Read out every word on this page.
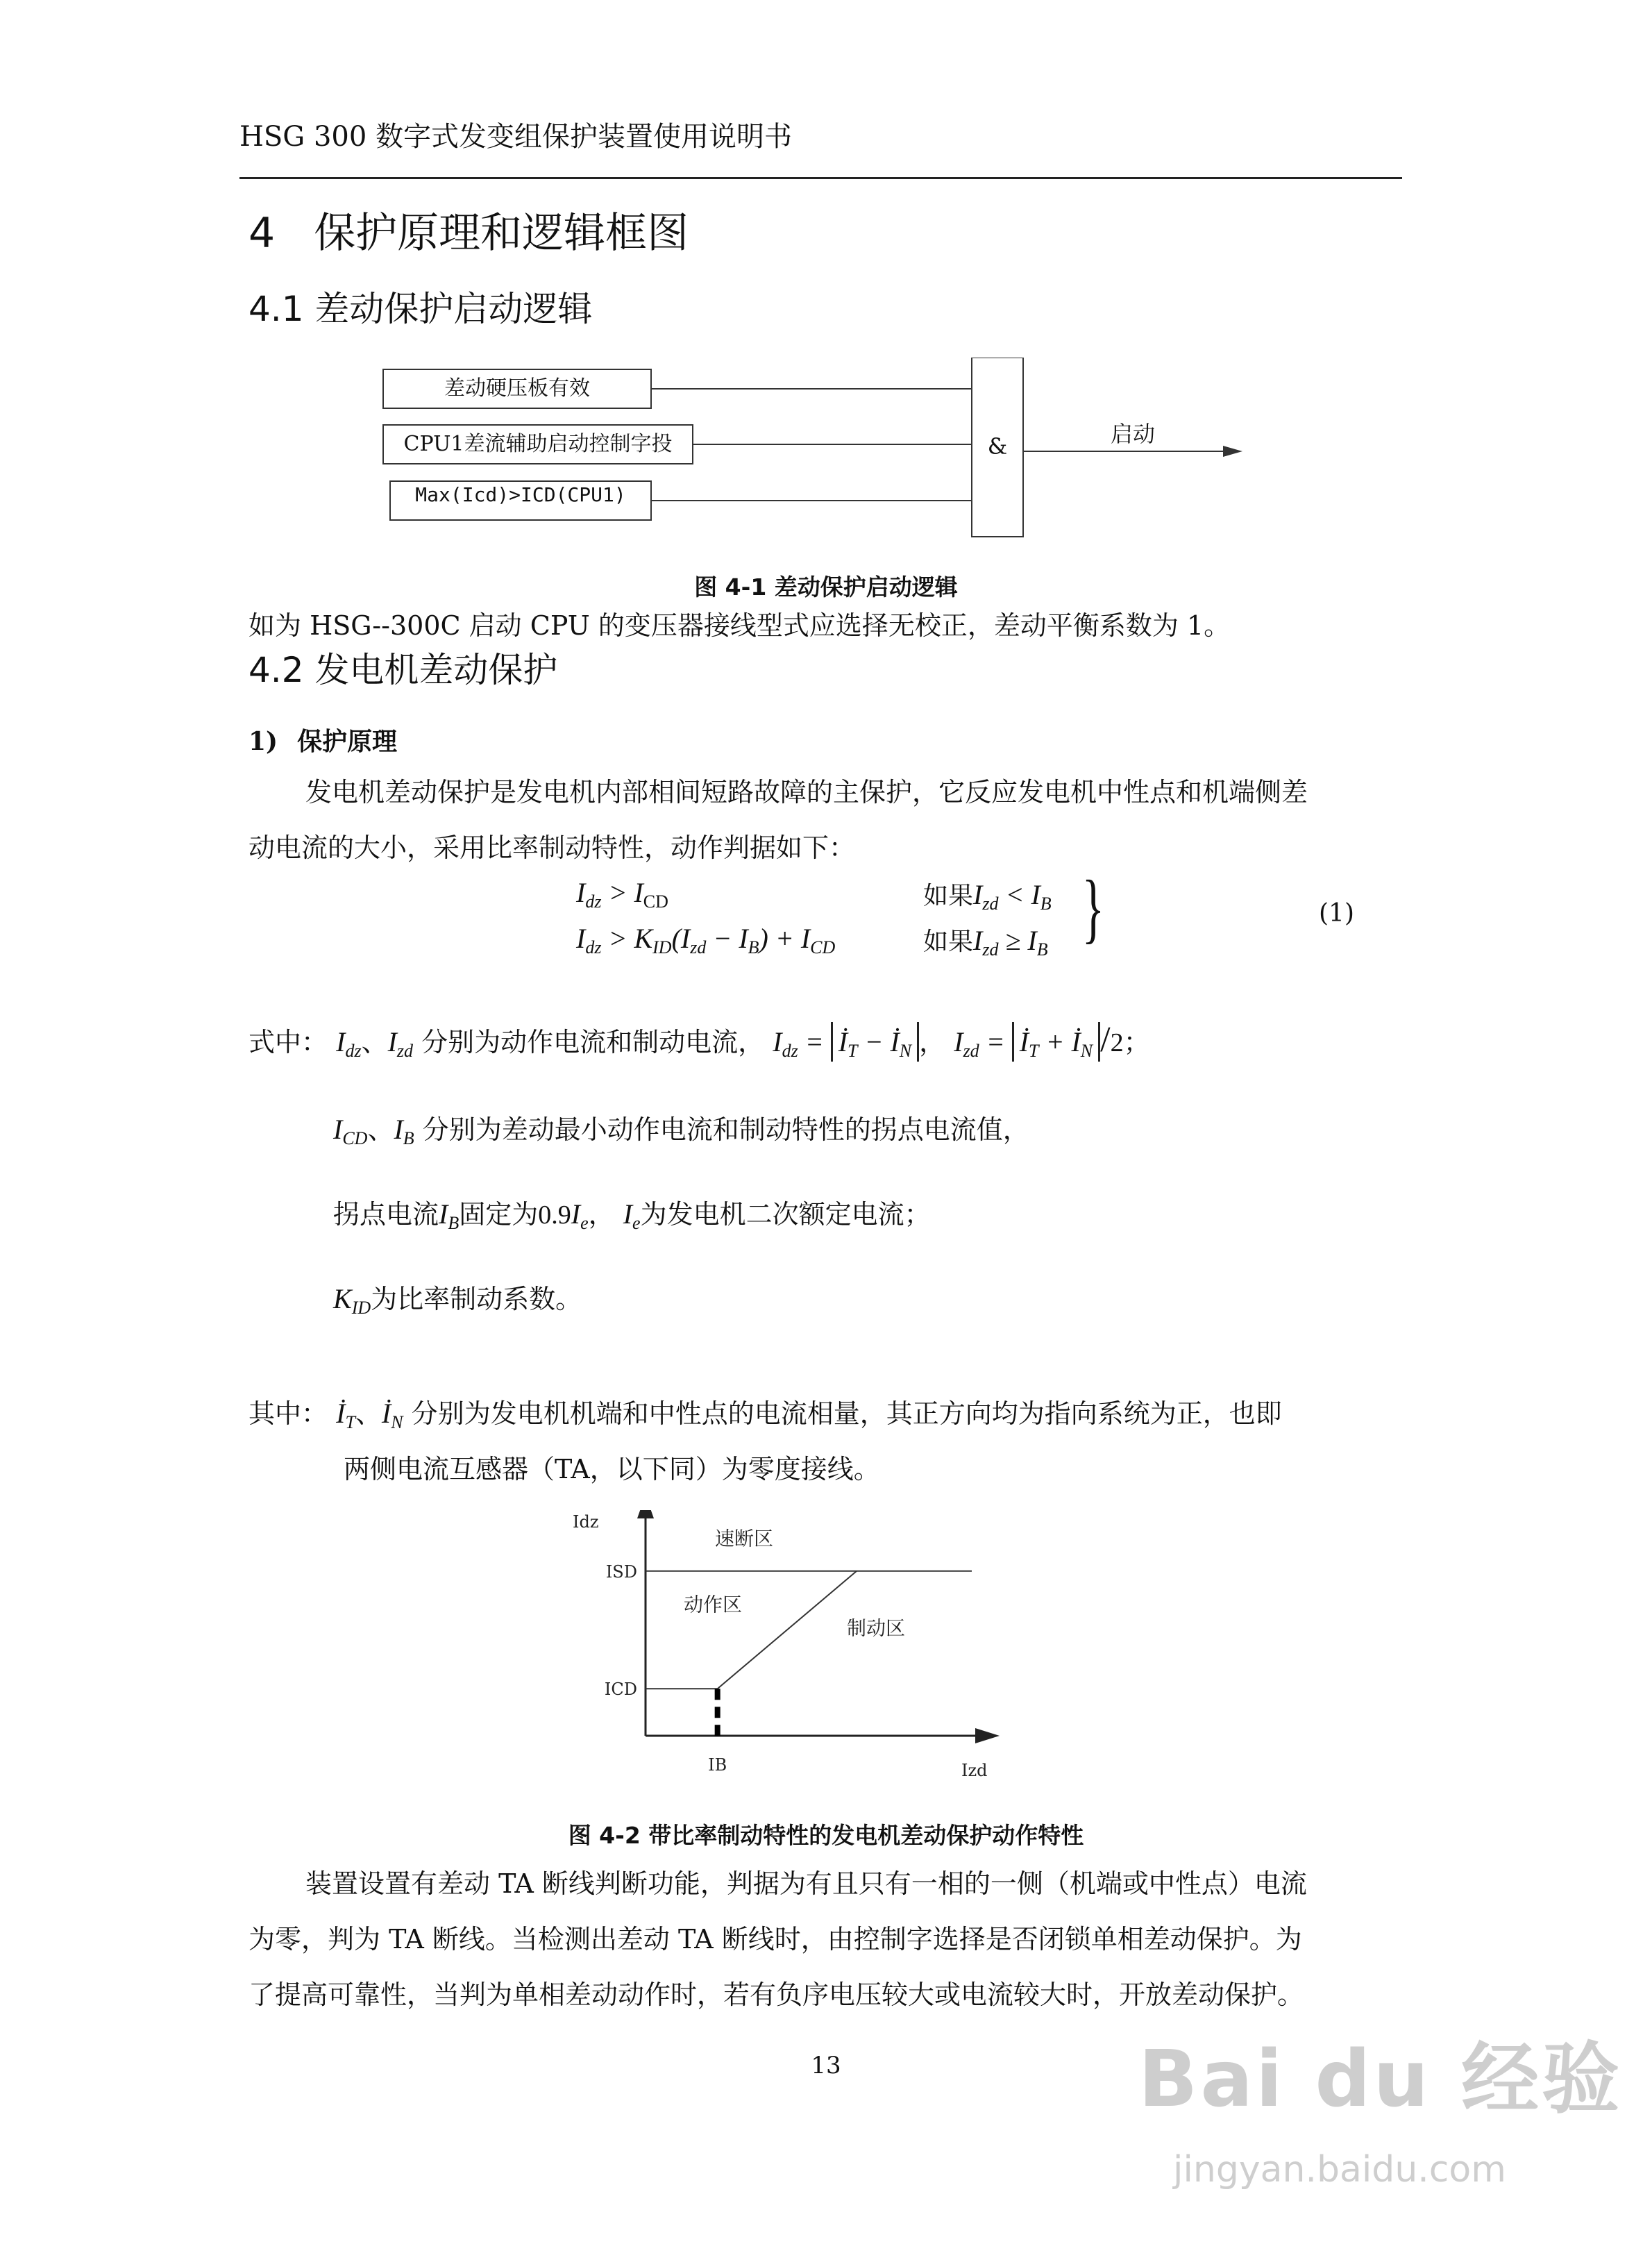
HSG 300 数字式发变组保护装置使用说明书
4 保护原理和逻辑框图
4.1 差动保护启动逻辑
差动硬压板有效
CPU1差流辅助启动控制字投
Max(Icd)>ICD(CPU1)
&	启动
图 4-1 差动保护启动逻辑
如为 HSG--300C 启动 CPU 的变压器接线型式应选择无校正，差动平衡系数为 1。
4.2 发电机差动保护
1) 保护原理
发电机差动保护是发电机内部相间短路故障的主保护，它反应发电机中性点和机端侧差
动电流的大小，采用比率制动特性，动作判据如下：
$I_{dz} > I_{CD}$	如果$I_{zd} < I_B$
$I_{dz} > K_{ID}(I_{zd} - I_B) + I_{CD}$	如果$I_{zd} \ge I_B$ }	(1)
式中： $I_{dz}$、$I_{zd}$ 分别为动作电流和制动电流， $I_{dz}$ = $İ_T$ − $İ_N$ ， $I_{zd}$ = $İ_T$ + $İ_N$ /2；
$I_{CD}$、$I_B$ 分别为差动最小动作电流和制动特性的拐点电流值，
拐点电流$I_B$固定为$0.9I_e$， $I_e$为发电机二次额定电流；
$K_{ID}$为比率制动系数。
其中： $İ_T$、$İ_N$ 分别为发电机机端和中性点的电流相量，其正方向均为指向系统为正，也即
两侧电流互感器（TA，以下同）为零度接线。
Idz
Izd
ISD
ICD
IB
速断区
动作区
制动区
图 4-2 带比率制动特性的发电机差动保护动作特性
装置设置有差动 TA 断线判断功能，判据为有且只有一相的一侧（机端或中性点）电流
为零，判为 TA 断线。当检测出差动 TA 断线时，由控制字选择是否闭锁单相差动保护。为
了提高可靠性，当判为单相差动动作时，若有负序电压较大或电流较大时，开放差动保护。
13	Bai du 经验
jingyan.baidu.com
